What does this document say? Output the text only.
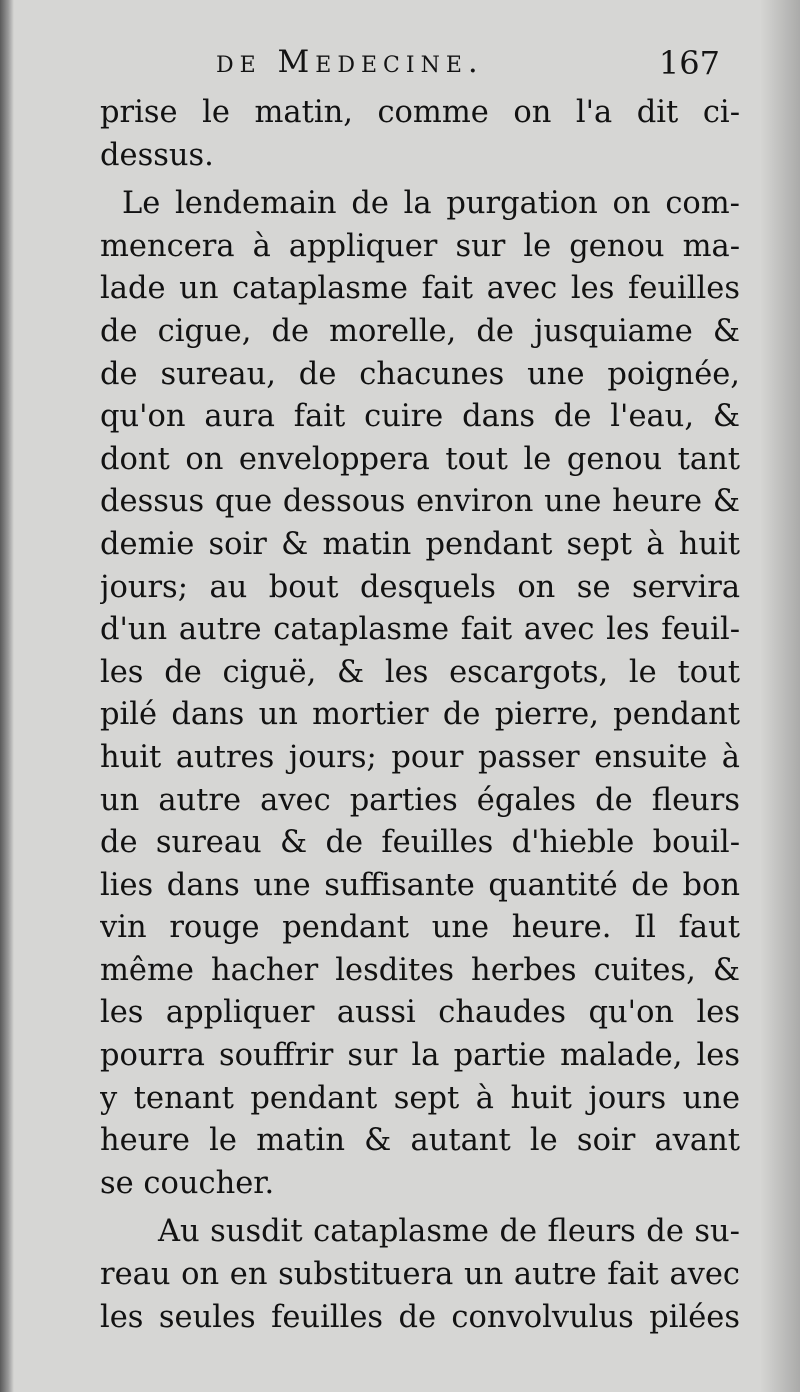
de Medecine.	167
prise le matin, comme on l'a dit ci-
dessus.
Le lendemain de la purgation on com-
mencera à appliquer sur le genou ma-
lade un cataplasme fait avec les feuilles
de cigue, de morelle, de jusquiame &
de sureau, de chacunes une poignée,
qu'on aura fait cuire dans de l'eau, &
dont on enveloppera tout le genou tant
dessus que dessous environ une heure &
demie soir & matin pendant sept à huit
jours; au bout desquels on se servira
d'un autre cataplasme fait avec les feuil-
les de ciguë, & les escargots, le tout
pilé dans un mortier de pierre, pendant
huit autres jours; pour passer ensuite à
un autre avec parties égales de fleurs
de sureau & de feuilles d'hieble bouil-
lies dans une suffisante quantité de bon
vin rouge pendant une heure. Il faut
même hacher lesdites herbes cuites, &
les appliquer aussi chaudes qu'on les
pourra souffrir sur la partie malade, les
y tenant pendant sept à huit jours une
heure le matin & autant le soir avant
se coucher.
Au susdit cataplasme de fleurs de su-
reau on en substituera un autre fait avec
les seules feuilles de convolvulus pilées
